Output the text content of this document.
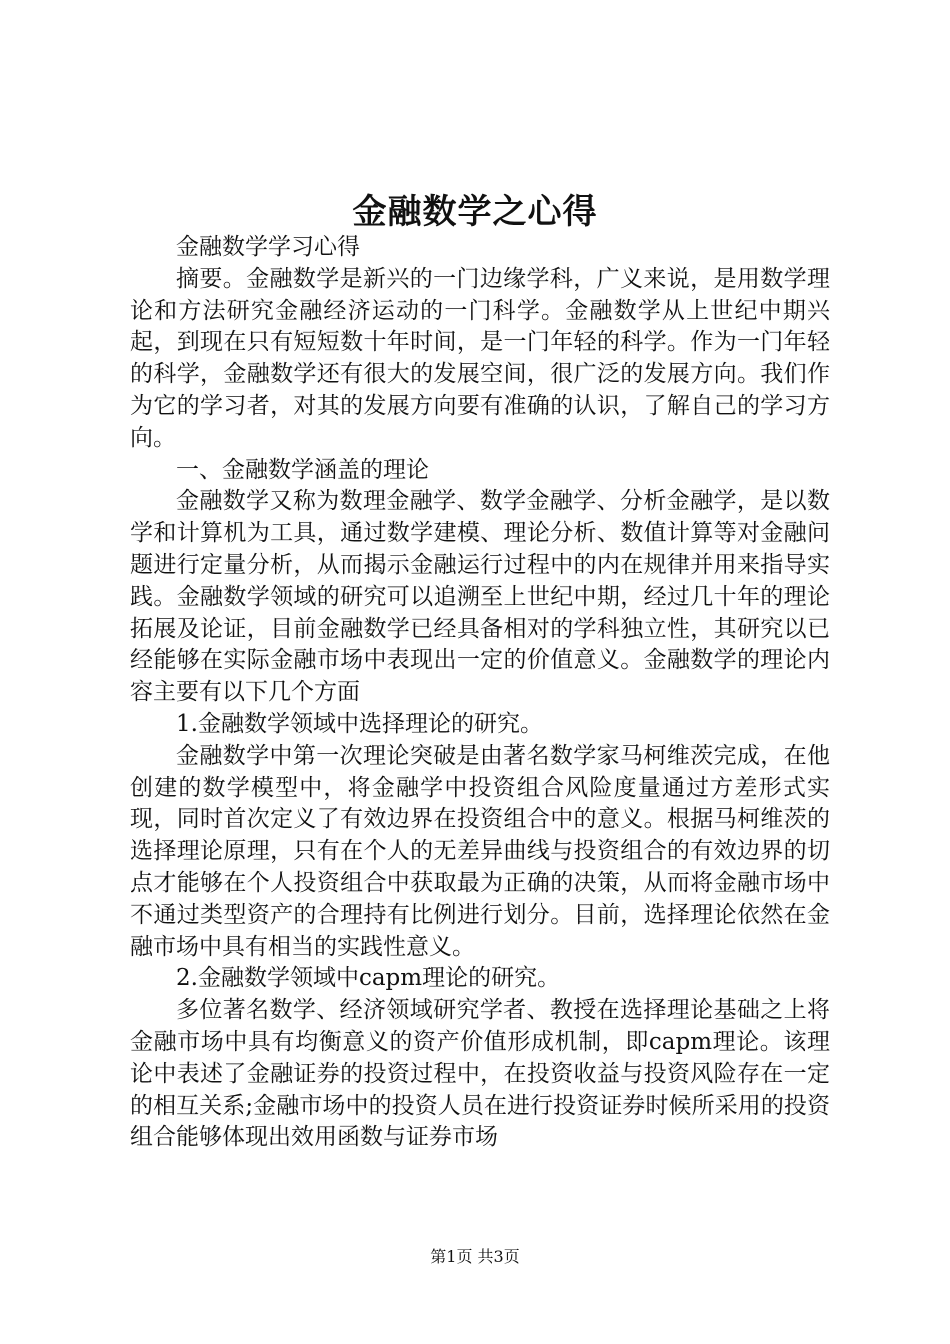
金融数学之心得

金融数学学习心得

摘要。金融数学是新兴的一门边缘学科，广义来说，是用数学理论和方法研究金融经济运动的一门科学。金融数学从上世纪中期兴起，到现在只有短短数十年时间，是一门年轻的科学。作为一门年轻的科学，金融数学还有很大的发展空间，很广泛的发展方向。我们作为它的学习者，对其的发展方向要有准确的认识，了解自己的学习方向。

一、金融数学涵盖的理论

金融数学又称为数理金融学、数学金融学、分析金融学，是以数学和计算机为工具，通过数学建模、理论分析、数值计算等对金融问题进行定量分析，从而揭示金融运行过程中的内在规律并用来指导实践。金融数学领域的研究可以追溯至上世纪中期，经过几十年的理论拓展及论证，目前金融数学已经具备相对的学科独立性，其研究以已经能够在实际金融市场中表现出一定的价值意义。金融数学的理论内容主要有以下几个方面

1.金融数学领域中选择理论的研究。

金融数学中第一次理论突破是由著名数学家马柯维茨完成，在他创建的数学模型中，将金融学中投资组合风险度量通过方差形式实现，同时首次定义了有效边界在投资组合中的意义。根据马柯维茨的选择理论原理，只有在个人的无差异曲线与投资组合的有效边界的切点才能够在个人投资组合中获取最为正确的决策，从而将金融市场中不通过类型资产的合理持有比例进行划分。目前，选择理论依然在金融市场中具有相当的实践性意义。

2.金融数学领域中capm理论的研究。

多位著名数学、经济领域研究学者、教授在选择理论基础之上将金融市场中具有均衡意义的资产价值形成机制，即capm理论。该理论中表述了金融证券的投资过程中，在投资收益与投资风险存在一定的相互关系;金融市场中的投资人员在进行投资证券时候所采用的投资组合能够体现出效用函数与证券市场

第1页 共3页
